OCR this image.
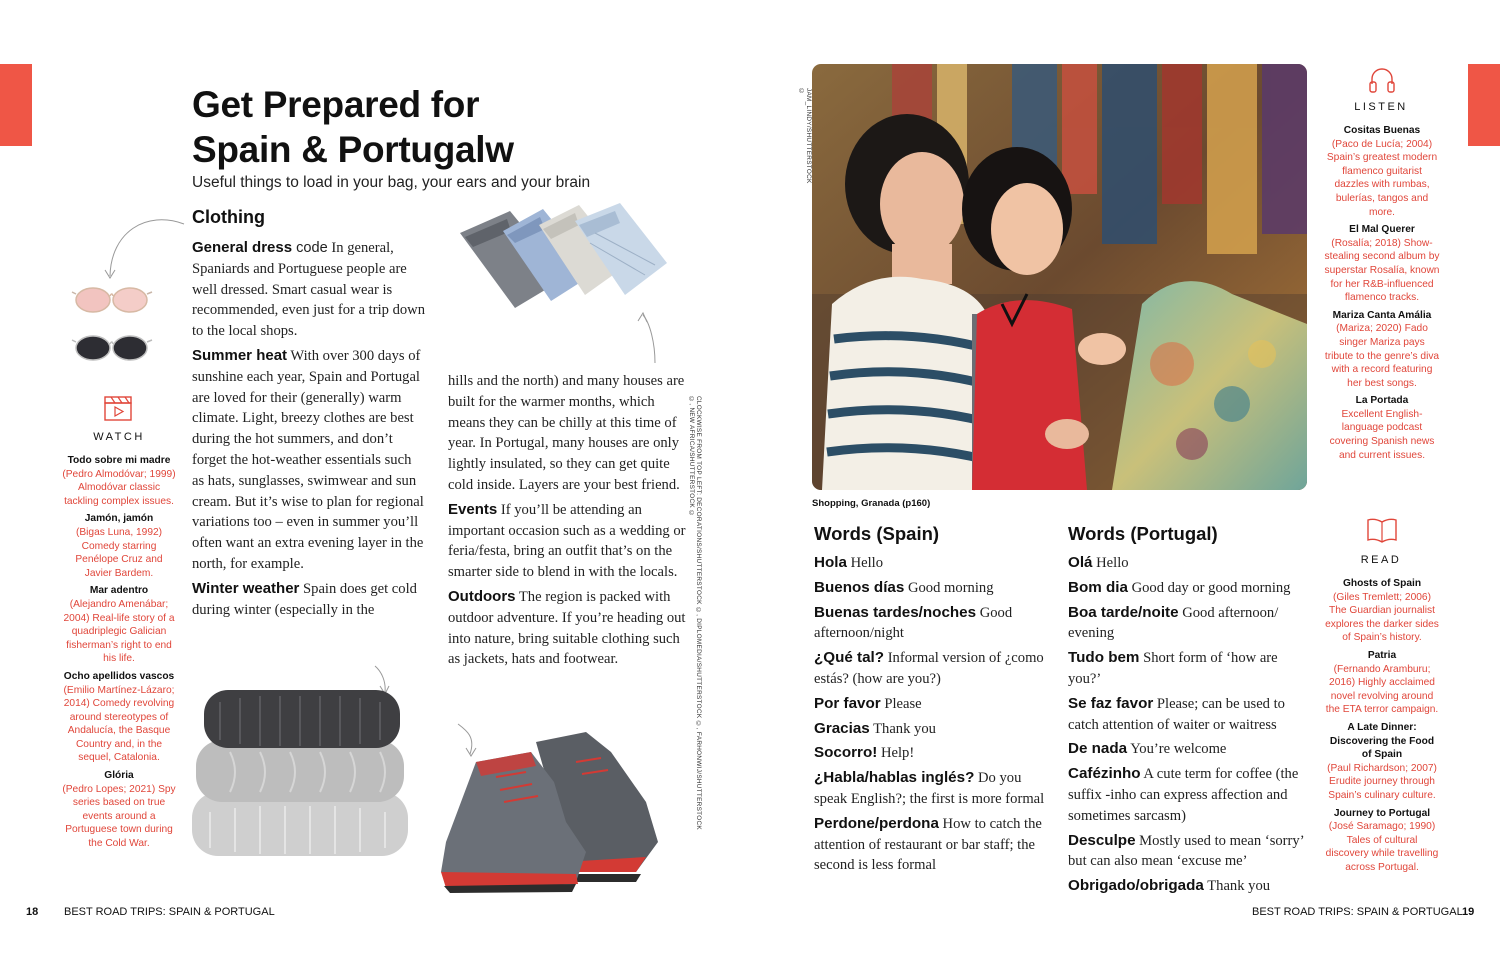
Get Prepared for
Spain & Portugalw
Useful things to load in your bag, your ears and your brain
Clothing

General dress code In general, Spaniards and Portuguese people are well dressed. Smart casual wear is recommended, even just for a trip down to the local shops.

Summer heat With over 300 days of sunshine each year, Spain and Portugal are loved for their (generally) warm climate. Light, breezy clothes are best during the hot summers, and don’t forget the hot-weather essentials such as hats, sunglasses, swimwear and sun cream. But it’s wise to plan for regional variations too – even in summer you’ll often want an extra evening layer in the north, for example.

Winter weather Spain does get cold during winter (especially in the

hills and the north) and many houses are built for the warmer months, which means they can be chilly at this time of year. In Portugal, many houses are only lightly insulated, so they can get quite cold inside. Layers are your best friend.

Events If you’ll be attending an important occasion such as a wedding or feria/festa, bring an outfit that’s on the smarter side to blend in with the locals.

Outdoors The region is packed with outdoor adventure. If you’re heading out into nature, bring suitable clothing such as jackets, hats and footwear.	CLOCKWISE FROM TOP LEFT: DECORATIONS/SHUTTERSTOCK ©, DIPLOMEDIA/SHUTTERSTOCK ©, FARHONWIJ/SHUTTERSTOCK ©, NEW AFRICA/SHUTTERSTOCK ©
JAM_LINDY/SHUTTERSTOCK ©
WATCH
Todo sobre mi madre
(Pedro Almodóvar; 1999) Almodóvar classic tackling complex issues.
Jamón, jamón
(Bigas Luna, 1992) Comedy starring Penélope Cruz and Javier Bardem.
Mar adentro
(Alejandro Amenábar; 2004) Real-life story of a quadriplegic Galician fisherman’s right to end his life.
Ocho apellidos vascos
(Emilio Martínez-Lázaro; 2014) Comedy revolving around stereotypes of Andalucía, the Basque Country and, in the sequel, Catalonia.
Glória
(Pedro Lopes; 2021) Spy series based on true events around a Portuguese town during the Cold War.
Shopping, Granada (p160)
LISTEN
Cositas Buenas
(Paco de Lucía; 2004) Spain’s greatest modern flamenco guitarist dazzles with rumbas, bulerías, tangos and more.
El Mal Querer
(Rosalía; 2018) Show-stealing second album by superstar Rosalía, known for her R&B-influenced flamenco tracks.
Mariza Canta Amália
(Mariza; 2020) Fado singer Mariza pays tribute to the genre’s diva with a record featuring her best songs.
La Portada
Excellent English-language podcast covering Spanish news and current issues.
READ
Ghosts of Spain
(Giles Tremlett; 2006) The Guardian journalist explores the darker sides of Spain’s history.
Patria
(Fernando Aramburu; 2016) Highly acclaimed novel revolving around the ETA terror campaign.
A Late Dinner: Discovering the Food of Spain
(Paul Richardson; 2007) Erudite journey through Spain’s culinary culture.
Journey to Portugal
(José Saramago; 1990) Tales of cultural discovery while travelling across Portugal.
Words (Spain)
Hola Hello
Buenos días Good morning
Buenas tardes/noches Good afternoon/night
¿Qué tal? Informal version of ¿como estás? (how are you?)
Por favor Please
Gracias Thank you
Socorro! Help!
¿Habla/hablas inglés? Do you speak English?; the first is more formal
Perdone/perdona How to catch the attention of restaurant or bar staff; the second is less formal
Words (Portugal)
Olá Hello
Bom dia Good day or good morning
Boa tarde/noite Good afternoon/ evening
Tudo bem Short form of ‘how are you?’
Se faz favor Please; can be used to catch attention of waiter or waitress
De nada You’re welcome
Cafézinho A cute term for coffee (the suffix -inho can express affection and sometimes sarcasm)
Desculpe Mostly used to mean ‘sorry’ but can also mean ‘excuse me’
Obrigado/obrigada Thank you
18 BEST ROAD TRIPS: SPAIN & PORTUGAL	BEST ROAD TRIPS: SPAIN & PORTUGAL 19
